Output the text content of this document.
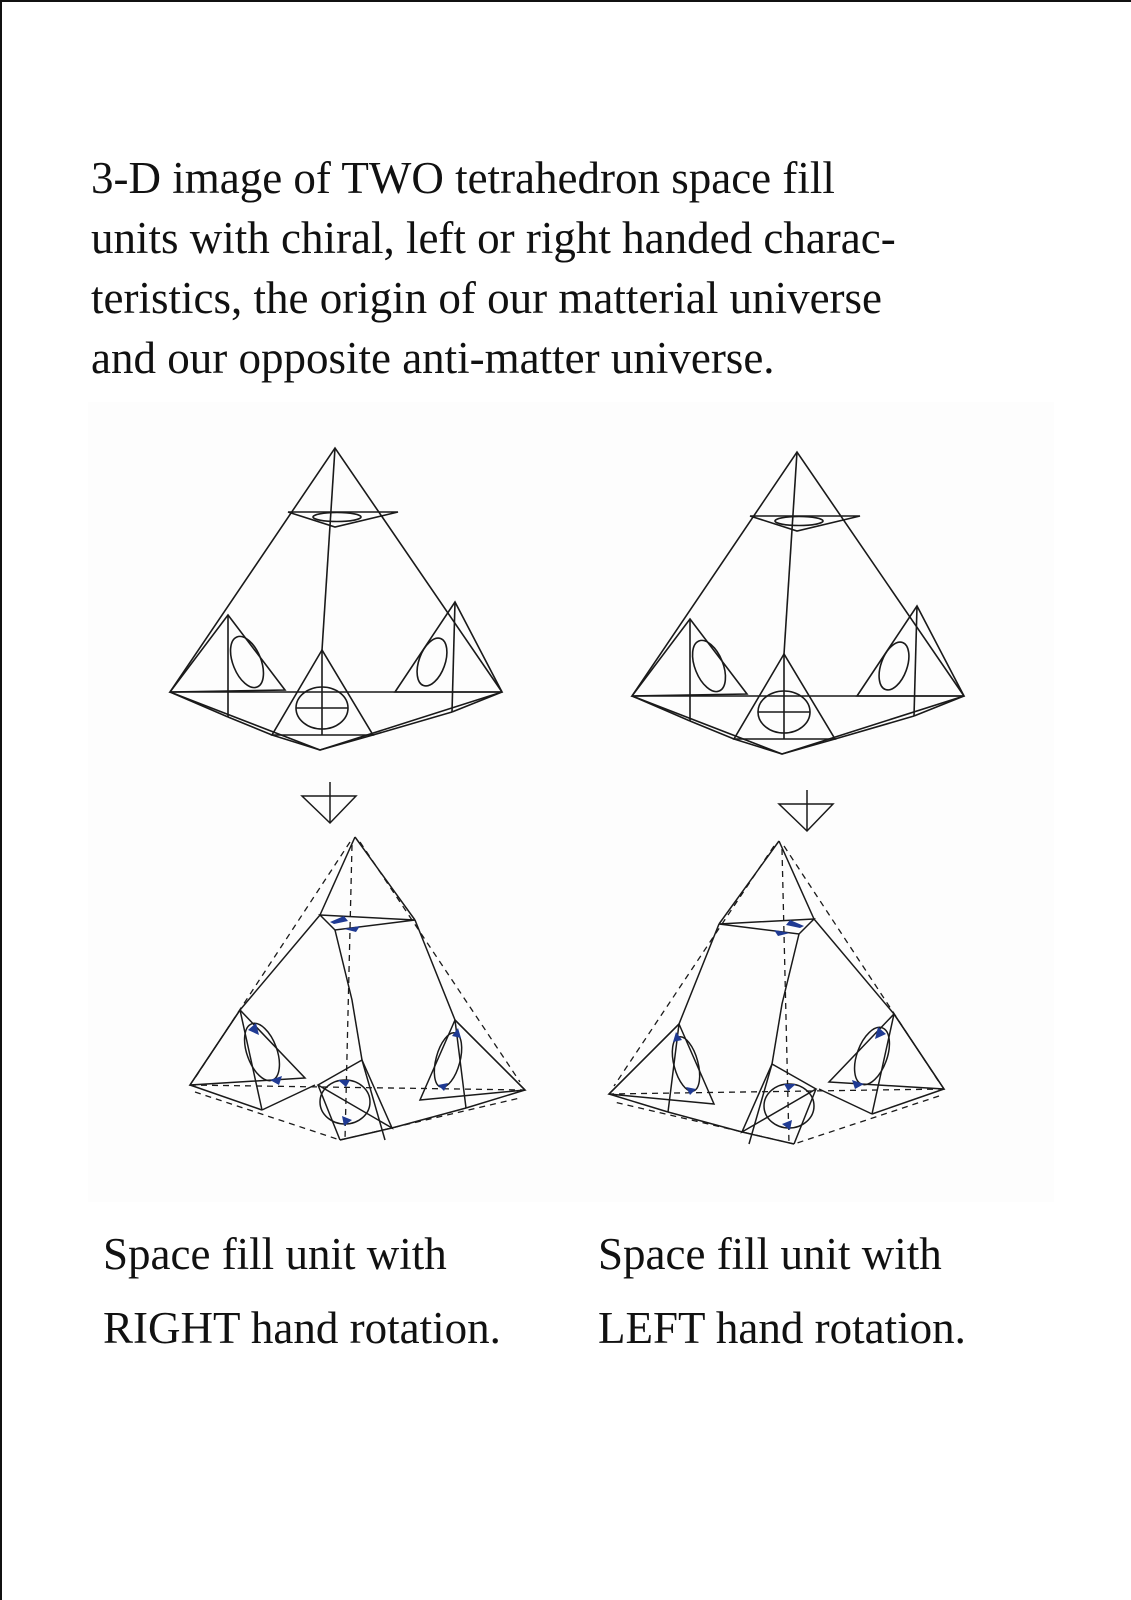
3-D image of TWO tetrahedron space fill
units with chiral, left or right handed charac-
teristics, the origin of our matterial universe
and our opposite anti-matter universe.
Space fill unit with
RIGHT hand rotation.
Space fill unit with
LEFT hand rotation.
